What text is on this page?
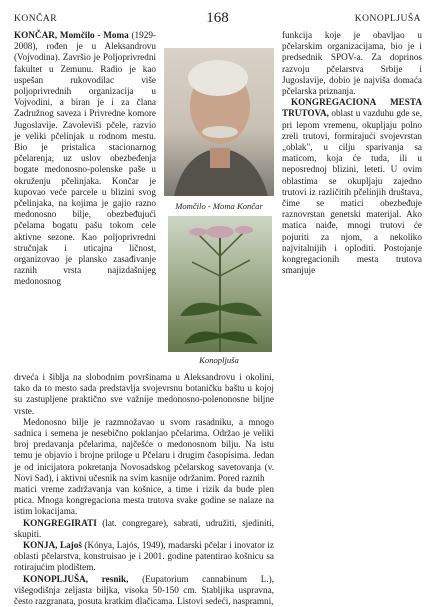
KONČAR	168	KONOPLJUŠA

KONČAR, Momčilo - Moma (1929-2008), rođen je u Aleksandrovu (Vojvodina). Završio je Poljoprivredni fakultet u Zemunu. Radio je kao uspešan rukovodilac više poljoprivrednih organizacija u Vojvodini, a biran je i za člana Zadružnog saveza i Privredne komore Jugoslavije. Zavoleviši pčele, razvio je veliki pčelinjak u rodnom mestu. Bio je pristalica stacionarnog pčelarenja, uz uslov obezbeđenja bogate medonosno-polenske paše u okruženju pčelinjaka. Končar je kupovao veće parcele u blizini svog pčelinjaka, na kojima je gajio razno medonosno bilje, obezbeđujući pčelama bogatu pašu tokom cele aktivne sezone. Kao poljoprivredni stručnjak i uticajna ličnost, organizovao je plansko zasađivanje raznih vrsta najizdašnijeg medonosnog

Momčilo - Moma Končar
Konopljuša

funkcija koje je obavljao u pčelarskim organizacijama, bio je i predsednik SPOV-a. Za doprinos razvoju pčelarstva Srbije i Jugoslavije, dobio je najviša domaća pčelarska priznanja.

KONGREGACIONA MESTA TRUTOVA, oblast u vazduhu gde se, pri lepom vremenu, okupljaju polno zreli trutovi, formirajući svojevrstan „oblak", u cilju sparivanja sa maticom, koja će tuda, ili u neposrednoj blizini, leteti. U ovim oblastima se okupljaju zajedno trutovi iz različitih pčelinjih društava, čime se matici obezbeđuje raznovrstan genetski materijal. Ako matica naiđe, mnogi trutovi će pojuriti za njom, a nekoliko najvitalnijih i oploditi. Postojanje kongregacionih mesta trutova smanjuje

drveća i šiblja na slobodnim površinama u Aleksandrovu i okolini, tako da to mesto sada predstavlja svojevrsnu botaničku baštu u kojoj su zastupljene praktično sve važnije medonosno-polenonosne biljne vrste.

Medonosno bilje je razmnožavao u svom rasadniku, a mnogo sadnica i semena je nesebično poklanjao pčelarima. Održao je veliki broj predavanja pčelarima, najčešće o medonosnom bilju. Na istu temu je objavio i brojne priloge u Pčelaru i drugim časopisima. Jedan je od inicijatora pokretanja Novosadskog pčelarskog savetovanja (v. Novi Sad), i aktivni učesnik na svim kasnije održanim. Pored raznih

matici vreme zadržavanja van košnice, a time i rizik da bude plen ptica. Mnoga kongregaciona mesta trutova svake godine se nalaze na istim lokacijama.

KONGREGIRATI (lat. congregare), sabrati, udružiti, sjediniti, skupiti.

KONJA, Lajoš (Kónya, Lajós, 1949), madarski pčelar i inovator iz oblasti pčelarstva, konstruisao je i 2001. godine patentirao košnicu sa rotirajućim plodištem.

KONOPLJUŠA, resnik, (Eupatorium cannabinum L.), višegodišnja zeljasta biljka, visoka 50-150 cm. Stabljika uspravna, često razgranata, posuta kratkim dlačicama. Listovi sedeći, naspramni,
